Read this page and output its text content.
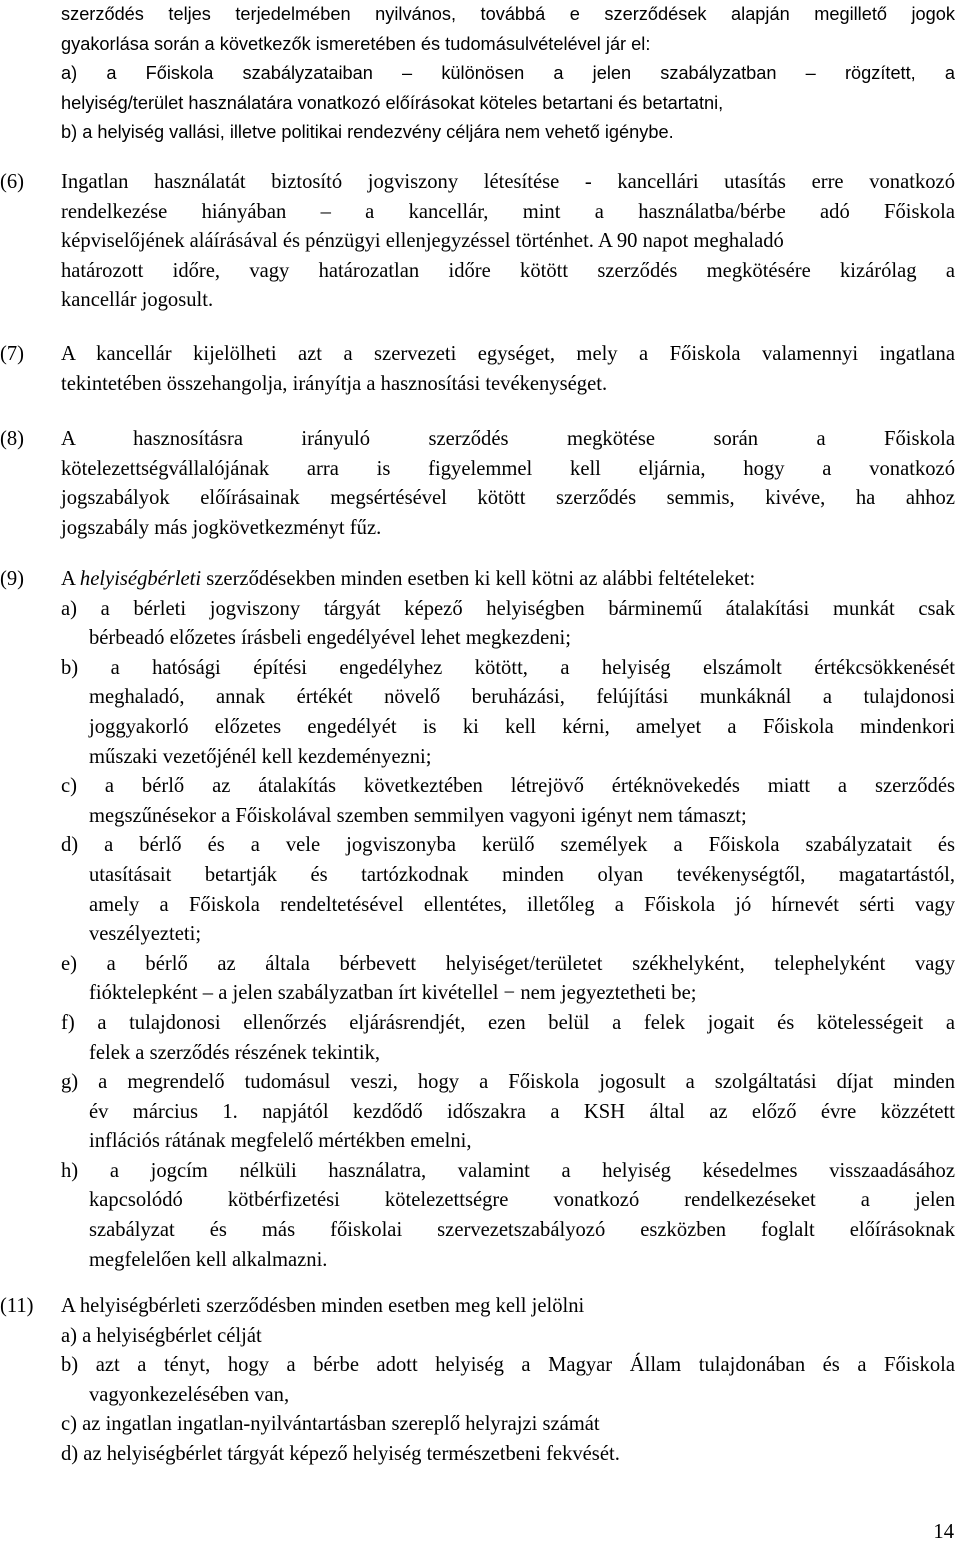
szerződés teljes terjedelmében nyilvános, továbbá e szerződések alapján megillető jogok
gyakorlása során a következők ismeretében és tudomásulvételével jár el:
a) a Főiskola szabályzataiban – különösen a jelen szabályzatban – rögzített, a
helyiség/terület használatára vonatkozó előírásokat köteles betartani és betartatni,
b) a helyiség vallási, illetve politikai rendezvény céljára nem vehető igénybe.
(6) Ingatlan használatát biztosító jogviszony létesítése - kancellári utasítás erre vonatkozó
rendelkezése hiányában – a kancellár, mint a használatba/bérbe adó Főiskola
képviselőjének aláírásával és pénzügyi ellenjegyzéssel történhet. A 90 napot meghaladó
határozott időre, vagy határozatlan időre kötött szerződés megkötésére kizárólag a
kancellár jogosult.
(7) A kancellár kijelölheti azt a szervezeti egységet, mely a Főiskola valamennyi ingatlana
tekintetében összehangolja, irányítja a hasznosítási tevékenységet.
(8) A hasznosításra irányuló szerződés megkötése során a Főiskola
kötelezettségvállalójának arra is figyelemmel kell eljárnia, hogy a vonatkozó
jogszabályok előírásainak megsértésével kötött szerződés semmis, kivéve, ha ahhoz
jogszabály más jogkövetkezményt fűz.
(9) A helyiségbérleti szerződésekben minden esetben ki kell kötni az alábbi feltételeket:
a) a bérleti jogviszony tárgyát képező helyiségben bárminemű átalakítási munkát csak
bérbeadó előzetes írásbeli engedélyével lehet megkezdeni;
b) a hatósági építési engedélyhez kötött, a helyiség elszámolt értékcsökkenését
meghaladó, annak értékét növelő beruházási, felújítási munkáknál a tulajdonosi
joggyakorló előzetes engedélyét is ki kell kérni, amelyet a Főiskola mindenkori
műszaki vezetőjénél kell kezdeményezni;
c) a bérlő az átalakítás következtében létrejövő értéknövekedés miatt a szerződés
megszűnésekor a Főiskolával szemben semmilyen vagyoni igényt nem támaszt;
d) a bérlő és a vele jogviszonyba kerülő személyek a Főiskola szabályzatait és
utasításait betartják és tartózkodnak minden olyan tevékenységtől, magatartástól,
amely a Főiskola rendeltetésével ellentétes, illetőleg a Főiskola jó hírnevét sérti vagy
veszélyezteti;
e) a bérlő az általa bérbevett helyiséget/területet székhelyként, telephelyként vagy
fióktelepként – a jelen szabályzatban írt kivétellel − nem jegyeztetheti be;
f) a tulajdonosi ellenőrzés eljárásrendjét, ezen belül a felek jogait és kötelességeit a
felek a szerződés részének tekintik,
g) a megrendelő tudomásul veszi, hogy a Főiskola jogosult a szolgáltatási díjat minden
év március 1. napjától kezdődő időszakra a KSH által az előző évre közzétett
inflációs rátának megfelelő mértékben emelni,
h) a jogcím nélküli használatra, valamint a helyiség késedelmes visszaadásához
kapcsolódó kötbérfizetési kötelezettségre vonatkozó rendelkezéseket a jelen
szabályzat és más főiskolai szervezetszabályozó eszközben foglalt előírásoknak
megfelelően kell alkalmazni.
(11) A helyiségbérleti szerződésben minden esetben meg kell jelölni
a) a helyiségbérlet célját
b) azt a tényt, hogy a bérbe adott helyiség a Magyar Állam tulajdonában és a Főiskola
vagyonkezelésében van,
c) az ingatlan ingatlan-nyilvántartásban szereplő helyrajzi számát
d) az helyiségbérlet tárgyát képező helyiség természetbeni fekvését.
14
